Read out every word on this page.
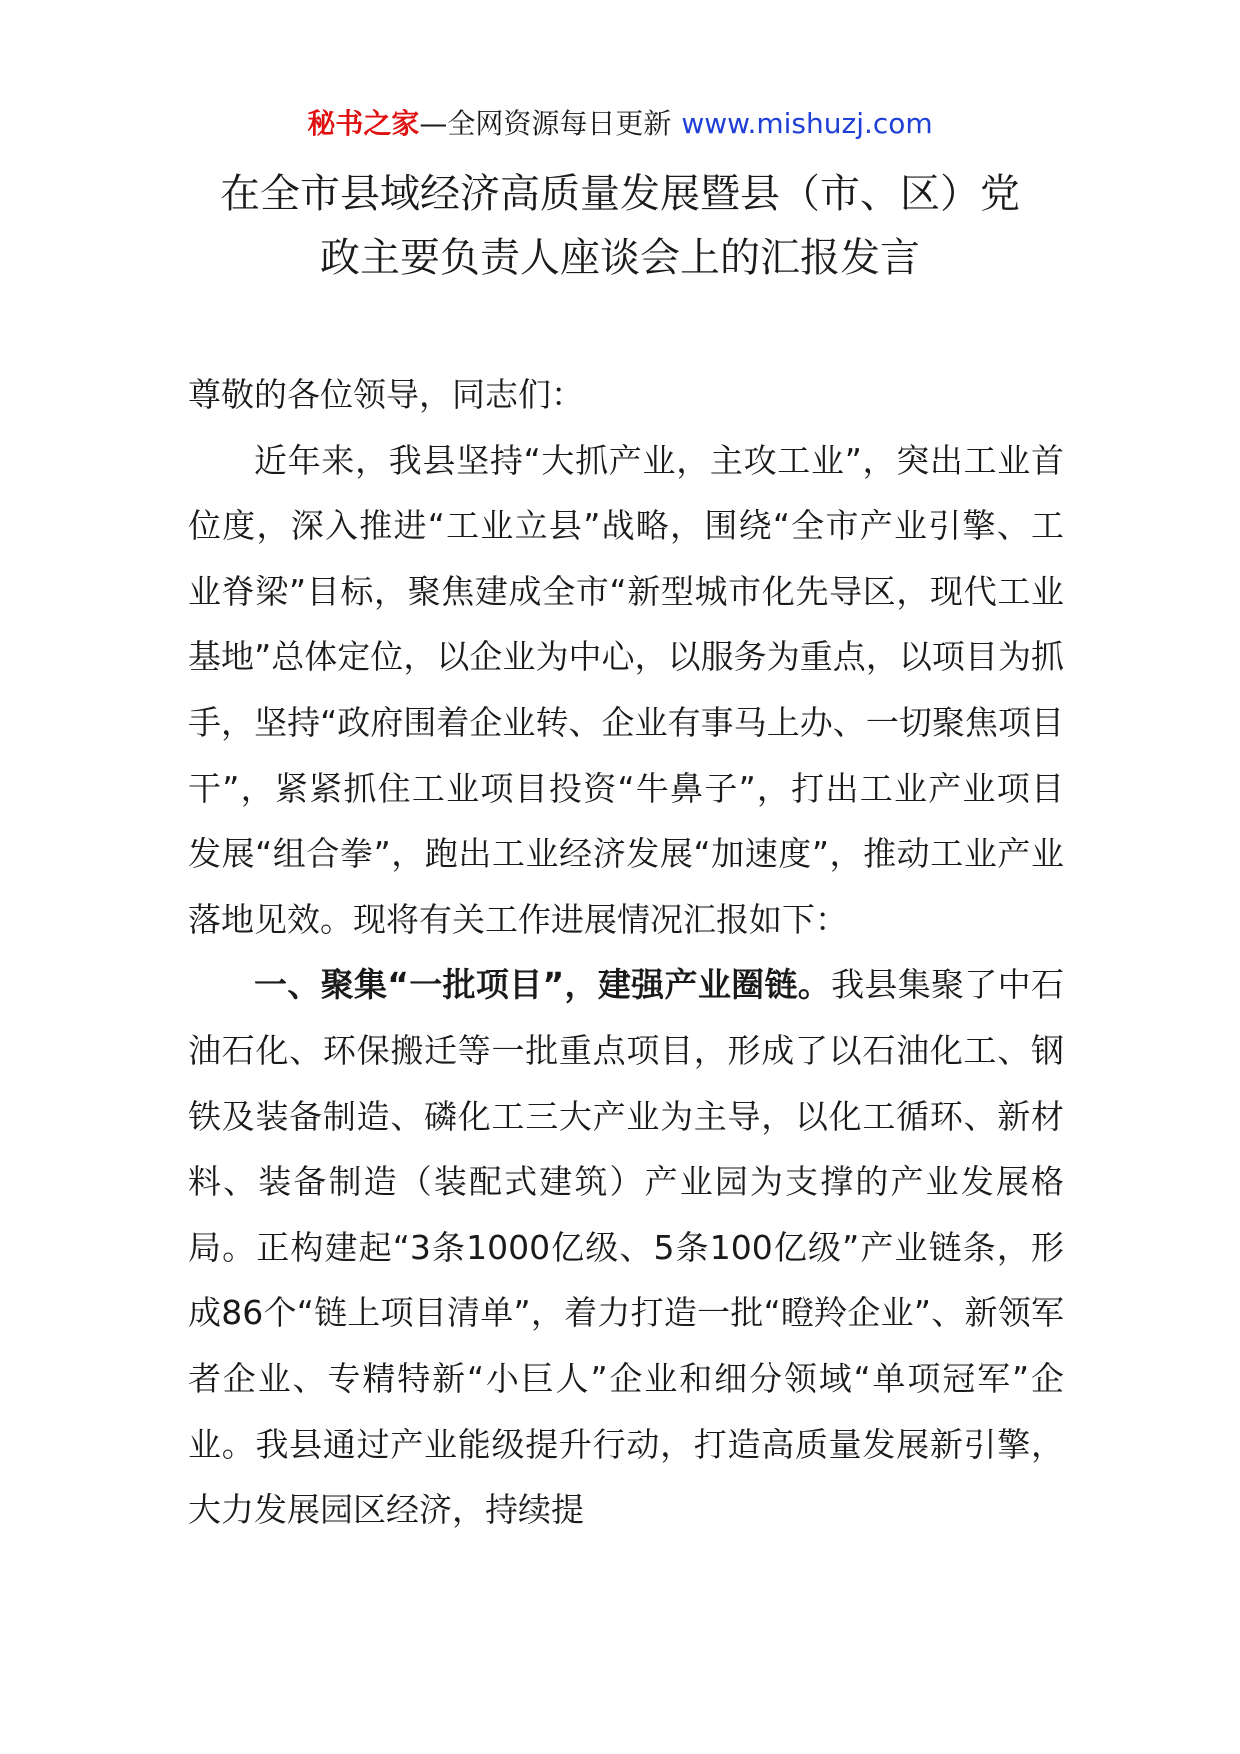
秘书之家—全网资源每日更新 www.mishuzj.com
在全市县域经济高质量发展暨县（市、区）党
政主要负责人座谈会上的汇报发言

尊敬的各位领导，同志们：

近年来，我县坚持“大抓产业，主攻工业”，突出工业首位度，深入推进“工业立县”战略，围绕“全市产业引擎、工业脊梁”目标，聚焦建成全市“新型城市化先导区，现代工业基地”总体定位，以企业为中心，以服务为重点，以项目为抓手，坚持“政府围着企业转、企业有事马上办、一切聚焦项目干”，紧紧抓住工业项目投资“牛鼻子”，打出工业产业项目发展“组合拳”，跑出工业经济发展“加速度”，推动工业产业落地见效。现将有关工作进展情况汇报如下：

一、聚集“一批项目”，建强产业圈链。我县集聚了中石油石化、环保搬迁等一批重点项目，形成了以石油化工、钢铁及装备制造、磷化工三大产业为主导，以化工循环、新材料、装备制造（装配式建筑）产业园为支撑的产业发展格局。正构建起“3条1000亿级、5条100亿级”产业链条，形成86个“链上项目清单”，着力打造一批“瞪羚企业”、新领军者企业、专精特新“小巨人”企业和细分领域“单项冠军”企业。我县通过产业能级提升行动，打造高质量发展新引擎，大力发展园区经济，持续提
